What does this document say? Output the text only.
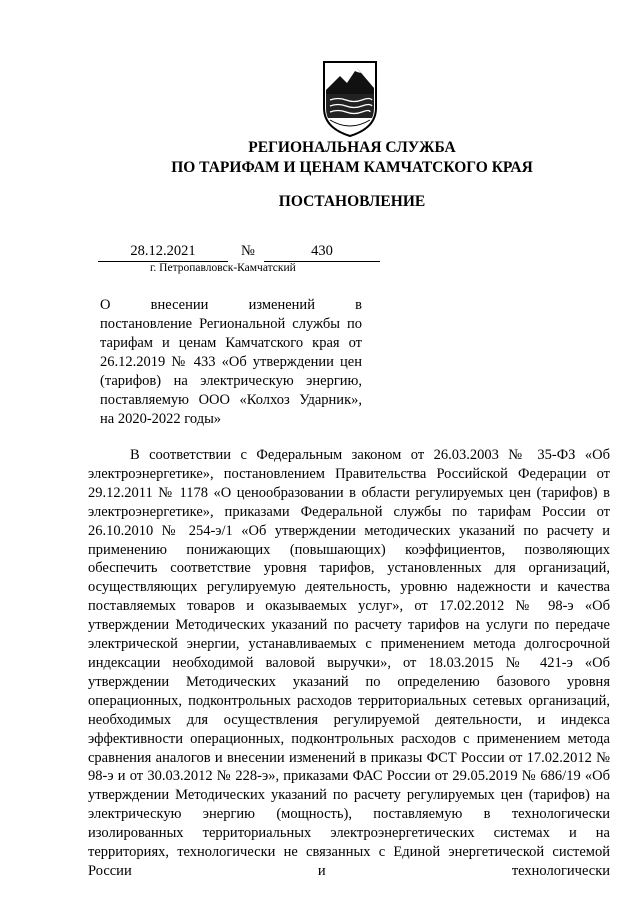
РЕГИОНАЛЬНАЯ СЛУЖБА
ПО ТАРИФАМ И ЦЕНАМ КАМЧАТСКОГО КРАЯ
ПОСТАНОВЛЕНИЕ
28.12.2021	№	430
г. Петропавловск-Камчатский

О внесении изменений в

постановление Региональной службы по тарифам и ценам Камчатского края от 26.12.2019 № 433 «Об утверждении цен (тарифов) на электрическую энергию, поставляемую ООО «Колхоз Ударник», на 2020-2022 годы»

В соответствии с Федеральным законом от 26.03.2003 № 35-ФЗ «Об электроэнергетике», постановлением Правительства Российской Федерации от 29.12.2011 № 1178 «О ценообразовании в области регулируемых цен (тарифов) в электроэнергетике», приказами Федеральной службы по тарифам России от 26.10.2010 № 254-э/1 «Об утверждении методических указаний по расчету и применению понижающих (повышающих) коэффициентов, позволяющих обеспечить соответствие уровня тарифов, установленных для организаций, осуществляющих регулируемую деятельность, уровню надежности и качества поставляемых товаров и оказываемых услуг», от 17.02.2012 № 98-э «Об утверждении Методических указаний по расчету тарифов на услуги по передаче электрической энергии, устанавливаемых с применением метода долгосрочной индексации необходимой валовой выручки», от 18.03.2015 № 421-э «Об утверждении Методических указаний по определению базового уровня операционных, подконтрольных расходов территориальных сетевых организаций, необходимых для осуществления регулируемой деятельности, и индекса эффективности операционных, подконтрольных расходов с применением метода сравнения аналогов и внесении изменений в приказы ФСТ России от 17.02.2012 № 98-э и от 30.03.2012 № 228-э», приказами ФАС России от 29.05.2019 № 686/19 «Об утверждении Методических указаний по расчету регулируемых цен (тарифов) на электрическую энергию (мощность), поставляемую в технологически изолированных территориальных электроэнергетических системах и на территориях, технологически не связанных с Единой энергетической системой России и технологически
